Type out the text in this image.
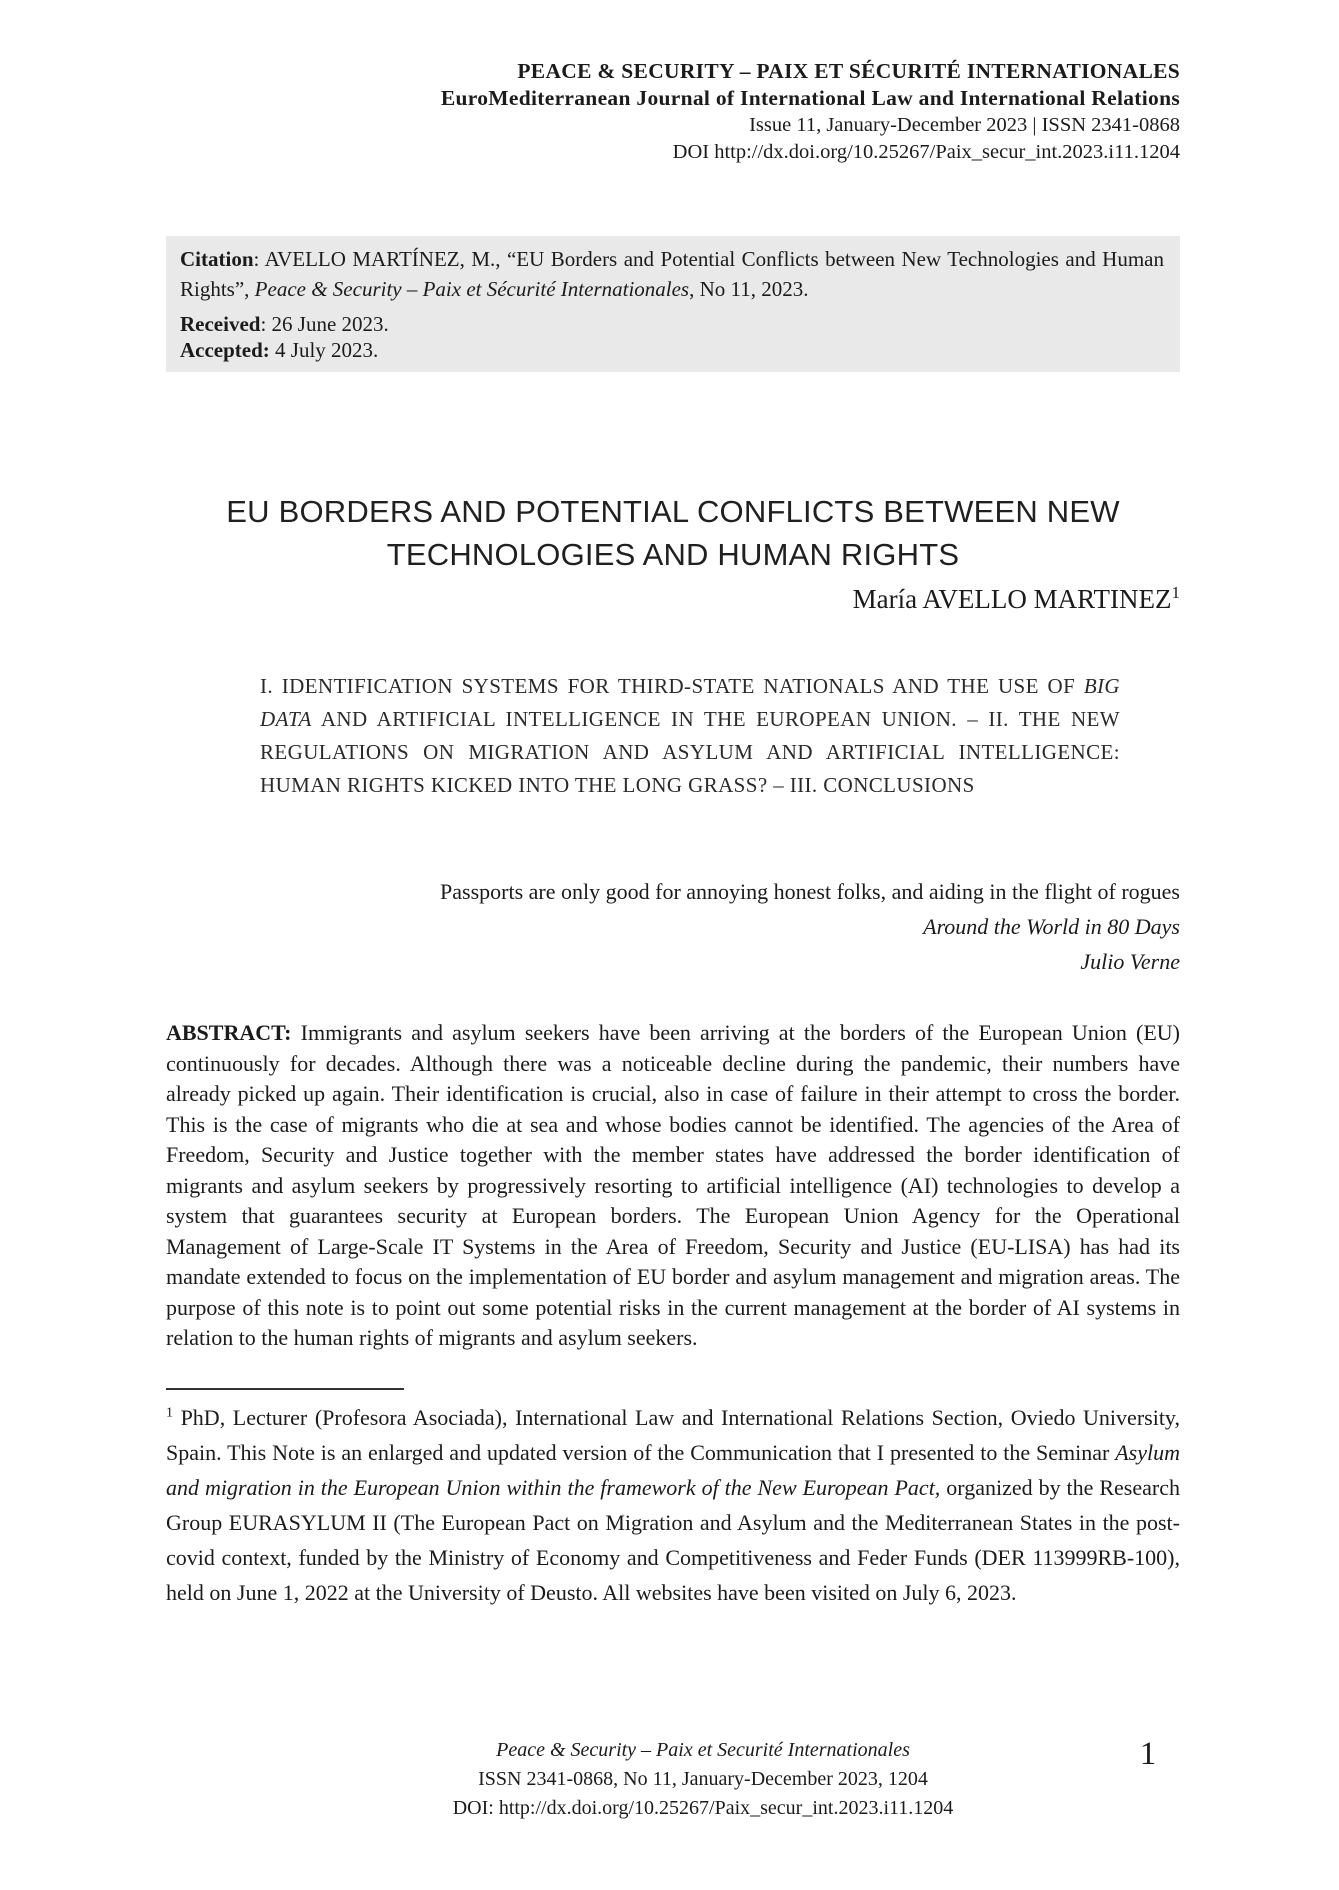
PEACE & SECURITY – PAIX ET SÉCURITÉ INTERNATIONALES
EuroMediterranean Journal of International Law and International Relations
Issue 11, January-December 2023 | ISSN 2341-0868
DOI http://dx.doi.org/10.25267/Paix_secur_int.2023.i11.1204

Citation: AVELLO MARTÍNEZ, M., “EU Borders and Potential Conflicts between New Technologies and Human Rights”, Peace & Security – Paix et Sécurité Internationales, No 11, 2023.

Received: 26 June 2023.

Accepted: 4 July 2023.

EU BORDERS AND POTENTIAL CONFLICTS BETWEEN NEW
TECHNOLOGIES AND HUMAN RIGHTS
María AVELLO MARTINEZ$^1$
I. IDENTIFICATION SYSTEMS FOR THIRD-STATE NATIONALS AND THE USE OF BIG DATA AND ARTIFICIAL INTELLIGENCE IN THE EUROPEAN UNION. – II. THE NEW REGULATIONS ON MIGRATION AND ASYLUM AND ARTIFICIAL INTELLIGENCE: HUMAN RIGHTS KICKED INTO THE LONG GRASS? – III. CONCLUSIONS
Passports are only good for annoying honest folks, and aiding in the flight of rogues
Around the World in 80 Days
Julio Verne
ABSTRACT: Immigrants and asylum seekers have been arriving at the borders of the European Union (EU) continuously for decades. Although there was a noticeable decline during the pandemic, their numbers have already picked up again. Their identification is crucial, also in case of failure in their attempt to cross the border. This is the case of migrants who die at sea and whose bodies cannot be identified. The agencies of the Area of Freedom, Security and Justice together with the member states have addressed the border identification of migrants and asylum seekers by progressively resorting to artificial intelligence (AI) technologies to develop a system that guarantees security at European borders. The European Union Agency for the Operational Management of Large-Scale IT Systems in the Area of Freedom, Security and Justice (EU-LISA) has had its mandate extended to focus on the implementation of EU border and asylum management and migration areas. The purpose of this note is to point out some potential risks in the current management at the border of AI systems in relation to the human rights of migrants and asylum seekers.
$^1$ PhD, Lecturer (Profesora Asociada), International Law and International Relations Section, Oviedo University, Spain. This Note is an enlarged and updated version of the Communication that I presented to the Seminar Asylum and migration in the European Union within the framework of the New European Pact, organized by the Research Group EURASYLUM II (The European Pact on Migration and Asylum and the Mediterranean States in the post-covid context, funded by the Ministry of Economy and Competitiveness and Feder Funds (DER 113999RB-100), held on June 1, 2022 at the University of Deusto. All websites have been visited on July 6, 2023.
Peace & Security – Paix et Securité Internationales
ISSN 2341-0868, No 11, January-December 2023, 1204
DOI: http://dx.doi.org/10.25267/Paix_secur_int.2023.i11.1204
1
